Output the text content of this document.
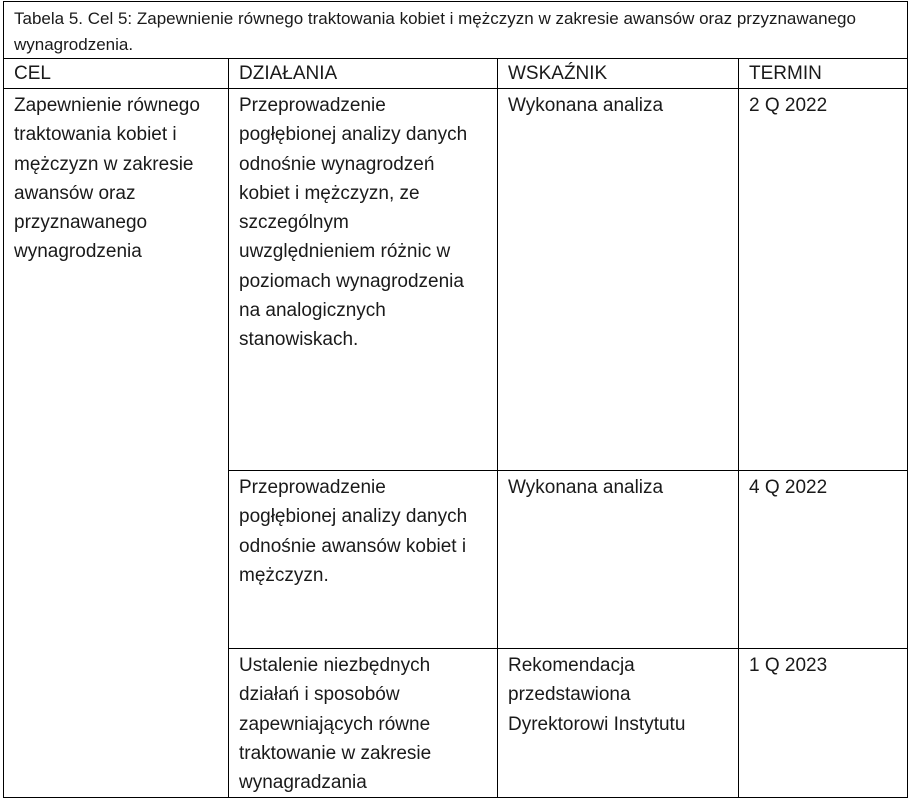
Tabela 5. Cel 5: Zapewnienie równego traktowania kobiet i mężczyzn w zakresie awansów oraz przyznawanego wynagrodzenia.			
CEL	DZIAŁANIA	WSKAŹNIK	TERMIN

Zapewnienie równego traktowania kobiet i mężczyzn w zakresie awansów oraz przyznawanego wynagrodzenia	Przeprowadzenie pogłębionej analizy danych odnośnie wynagrodzeń kobiet i mężczyzn, ze szczególnym uwzględnieniem różnic w poziomach wynagrodzenia na analogicznych stanowiskach.	Wykonana analiza	2 Q 2022

	Przeprowadzenie pogłębionej analizy danych odnośnie awansów kobiet i mężczyzn.	Wykonana analiza	4 Q 2022

	Ustalenie niezbędnych działań i sposobów zapewniających równe traktowanie w zakresie wynagradzania	Rekomendacja przedstawiona Dyrektorowi Instytutu	1 Q 2023
